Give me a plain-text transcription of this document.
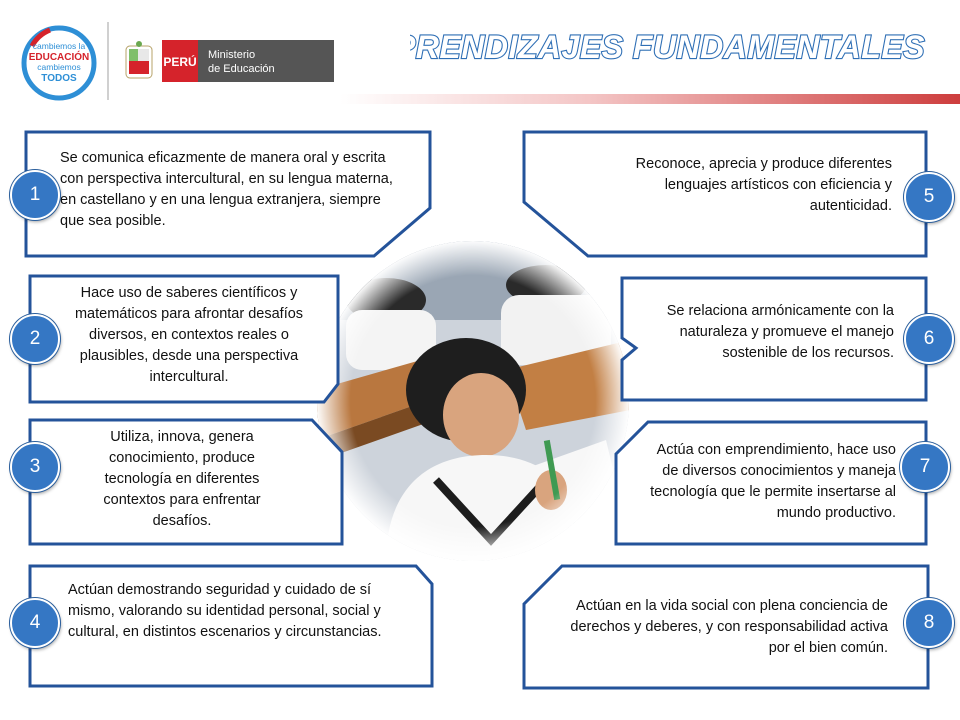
cambiemos la
EDUCACIÓN
cambiemos
TODOS
PERÚ Ministerio
de Educación
APRENDIZAJES FUNDAMENTALES
Se comunica eficazmente de manera oral y escrita con perspectiva intercultural, en su lengua materna, en castellano y en una lengua extranjera, siempre que sea posible.
Hace uso de saberes científicos y matemáticos para afrontar desafíos diversos, en contextos reales o plausibles, desde una perspectiva intercultural.
Utiliza, innova, genera conocimiento, produce tecnología en diferentes contextos para enfrentar desafíos.
Actúan demostrando seguridad y cuidado de sí mismo, valorando su identidad personal, social y cultural, en distintos escenarios y circunstancias.
Reconoce, aprecia y produce diferentes lenguajes artísticos con eficiencia y autenticidad.
Se relaciona armónicamente con la naturaleza y promueve el manejo sostenible de los recursos.
Actúa con emprendimiento, hace uso de diversos conocimientos y maneja tecnología que le permite insertarse al mundo productivo.
Actúan en la vida social con plena conciencia de derechos y deberes, y con responsabilidad activa por el bien común.
1
2
3
4
5
6
7
8
